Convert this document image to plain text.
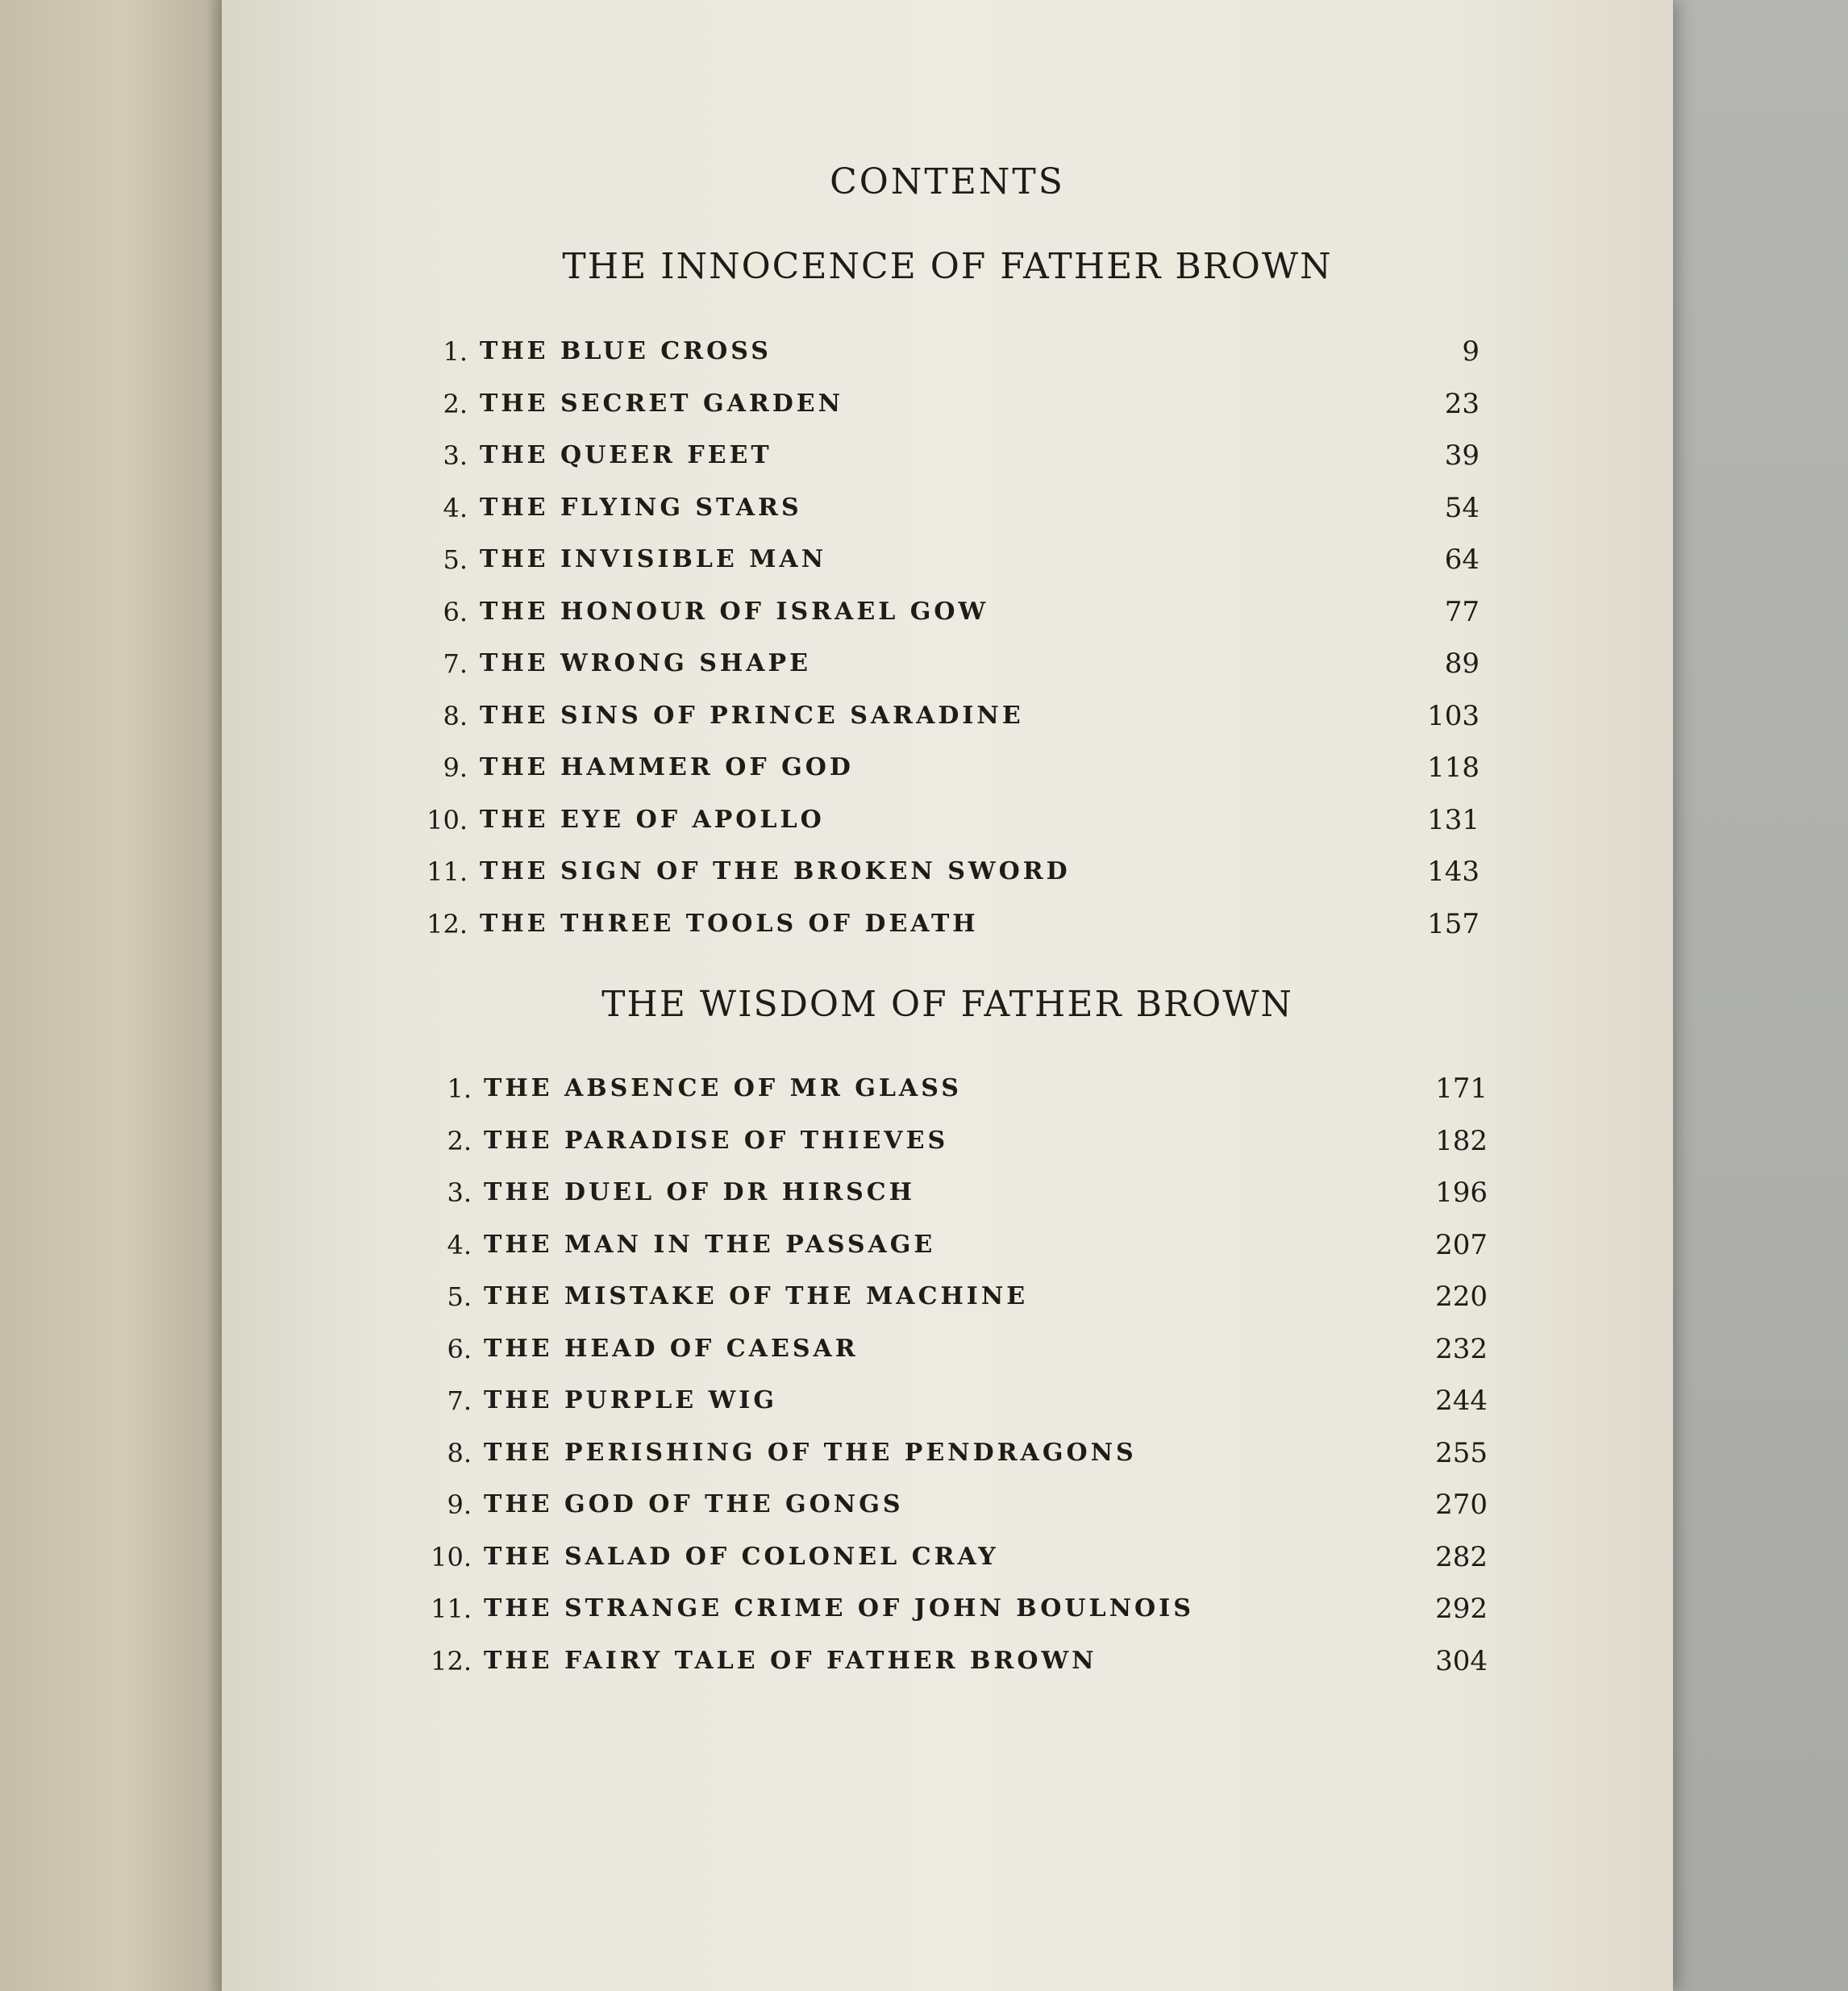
CONTENTS
THE INNOCENCE OF FATHER BROWN
1. THE BLUE CROSS	9
2. THE SECRET GARDEN	23
3. THE QUEER FEET	39
4. THE FLYING STARS	54
5. THE INVISIBLE MAN	64
6. THE HONOUR OF ISRAEL GOW	77
7. THE WRONG SHAPE	89
8. THE SINS OF PRINCE SARADINE	103
9. THE HAMMER OF GOD	118
10. THE EYE OF APOLLO	131
11. THE SIGN OF THE BROKEN SWORD	143
12. THE THREE TOOLS OF DEATH	157
THE WISDOM OF FATHER BROWN
1. THE ABSENCE OF MR GLASS	171
2. THE PARADISE OF THIEVES	182
3. THE DUEL OF DR HIRSCH	196
4. THE MAN IN THE PASSAGE	207
5. THE MISTAKE OF THE MACHINE	220
6. THE HEAD OF CAESAR	232
7. THE PURPLE WIG	244
8. THE PERISHING OF THE PENDRAGONS	255
9. THE GOD OF THE GONGS	270
10. THE SALAD OF COLONEL CRAY	282
11. THE STRANGE CRIME OF JOHN BOULNOIS	292
12. THE FAIRY TALE OF FATHER BROWN	304
